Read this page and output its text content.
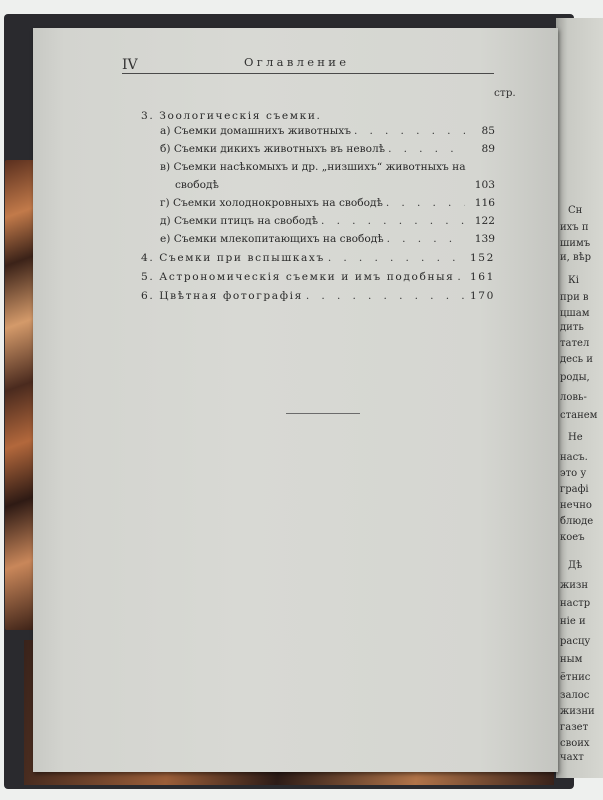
Сн
ихъ п
шимъ
и, вѣр
Кі
при в
цшам
дить
тател
десь и
роды,
ловь-
станем
Не
насъ.
это у
графі
нечно
блюде
коеъ
Дѣ
жизн
настр
ніе и
расцу
ным
ётнис
залос
жизни
газет
своих
чахт
IV	Оглавление
стр.
3. Зоологическія съемки.
а) Съемки домашнихъ животныхъ . . .	85
б) Съемки дикихъ животныхъ въ неволѣ . . .	89
в) Съемки насѣкомыхъ и др. „низшихъ“ животныхъ на
свободѣ	103
г) Съемки холоднокровныхъ на свободѣ . . .	116
д) Съемки птицъ на свободѣ . . .	122
е) Съемки млекопитающихъ на свободѣ . . .	139
4. Съемки при вспышкахъ . . .	152
5. Астрономическія съемки и имъ подобныя . . .	161
6. Цвѣтная фотографія . . .	170
